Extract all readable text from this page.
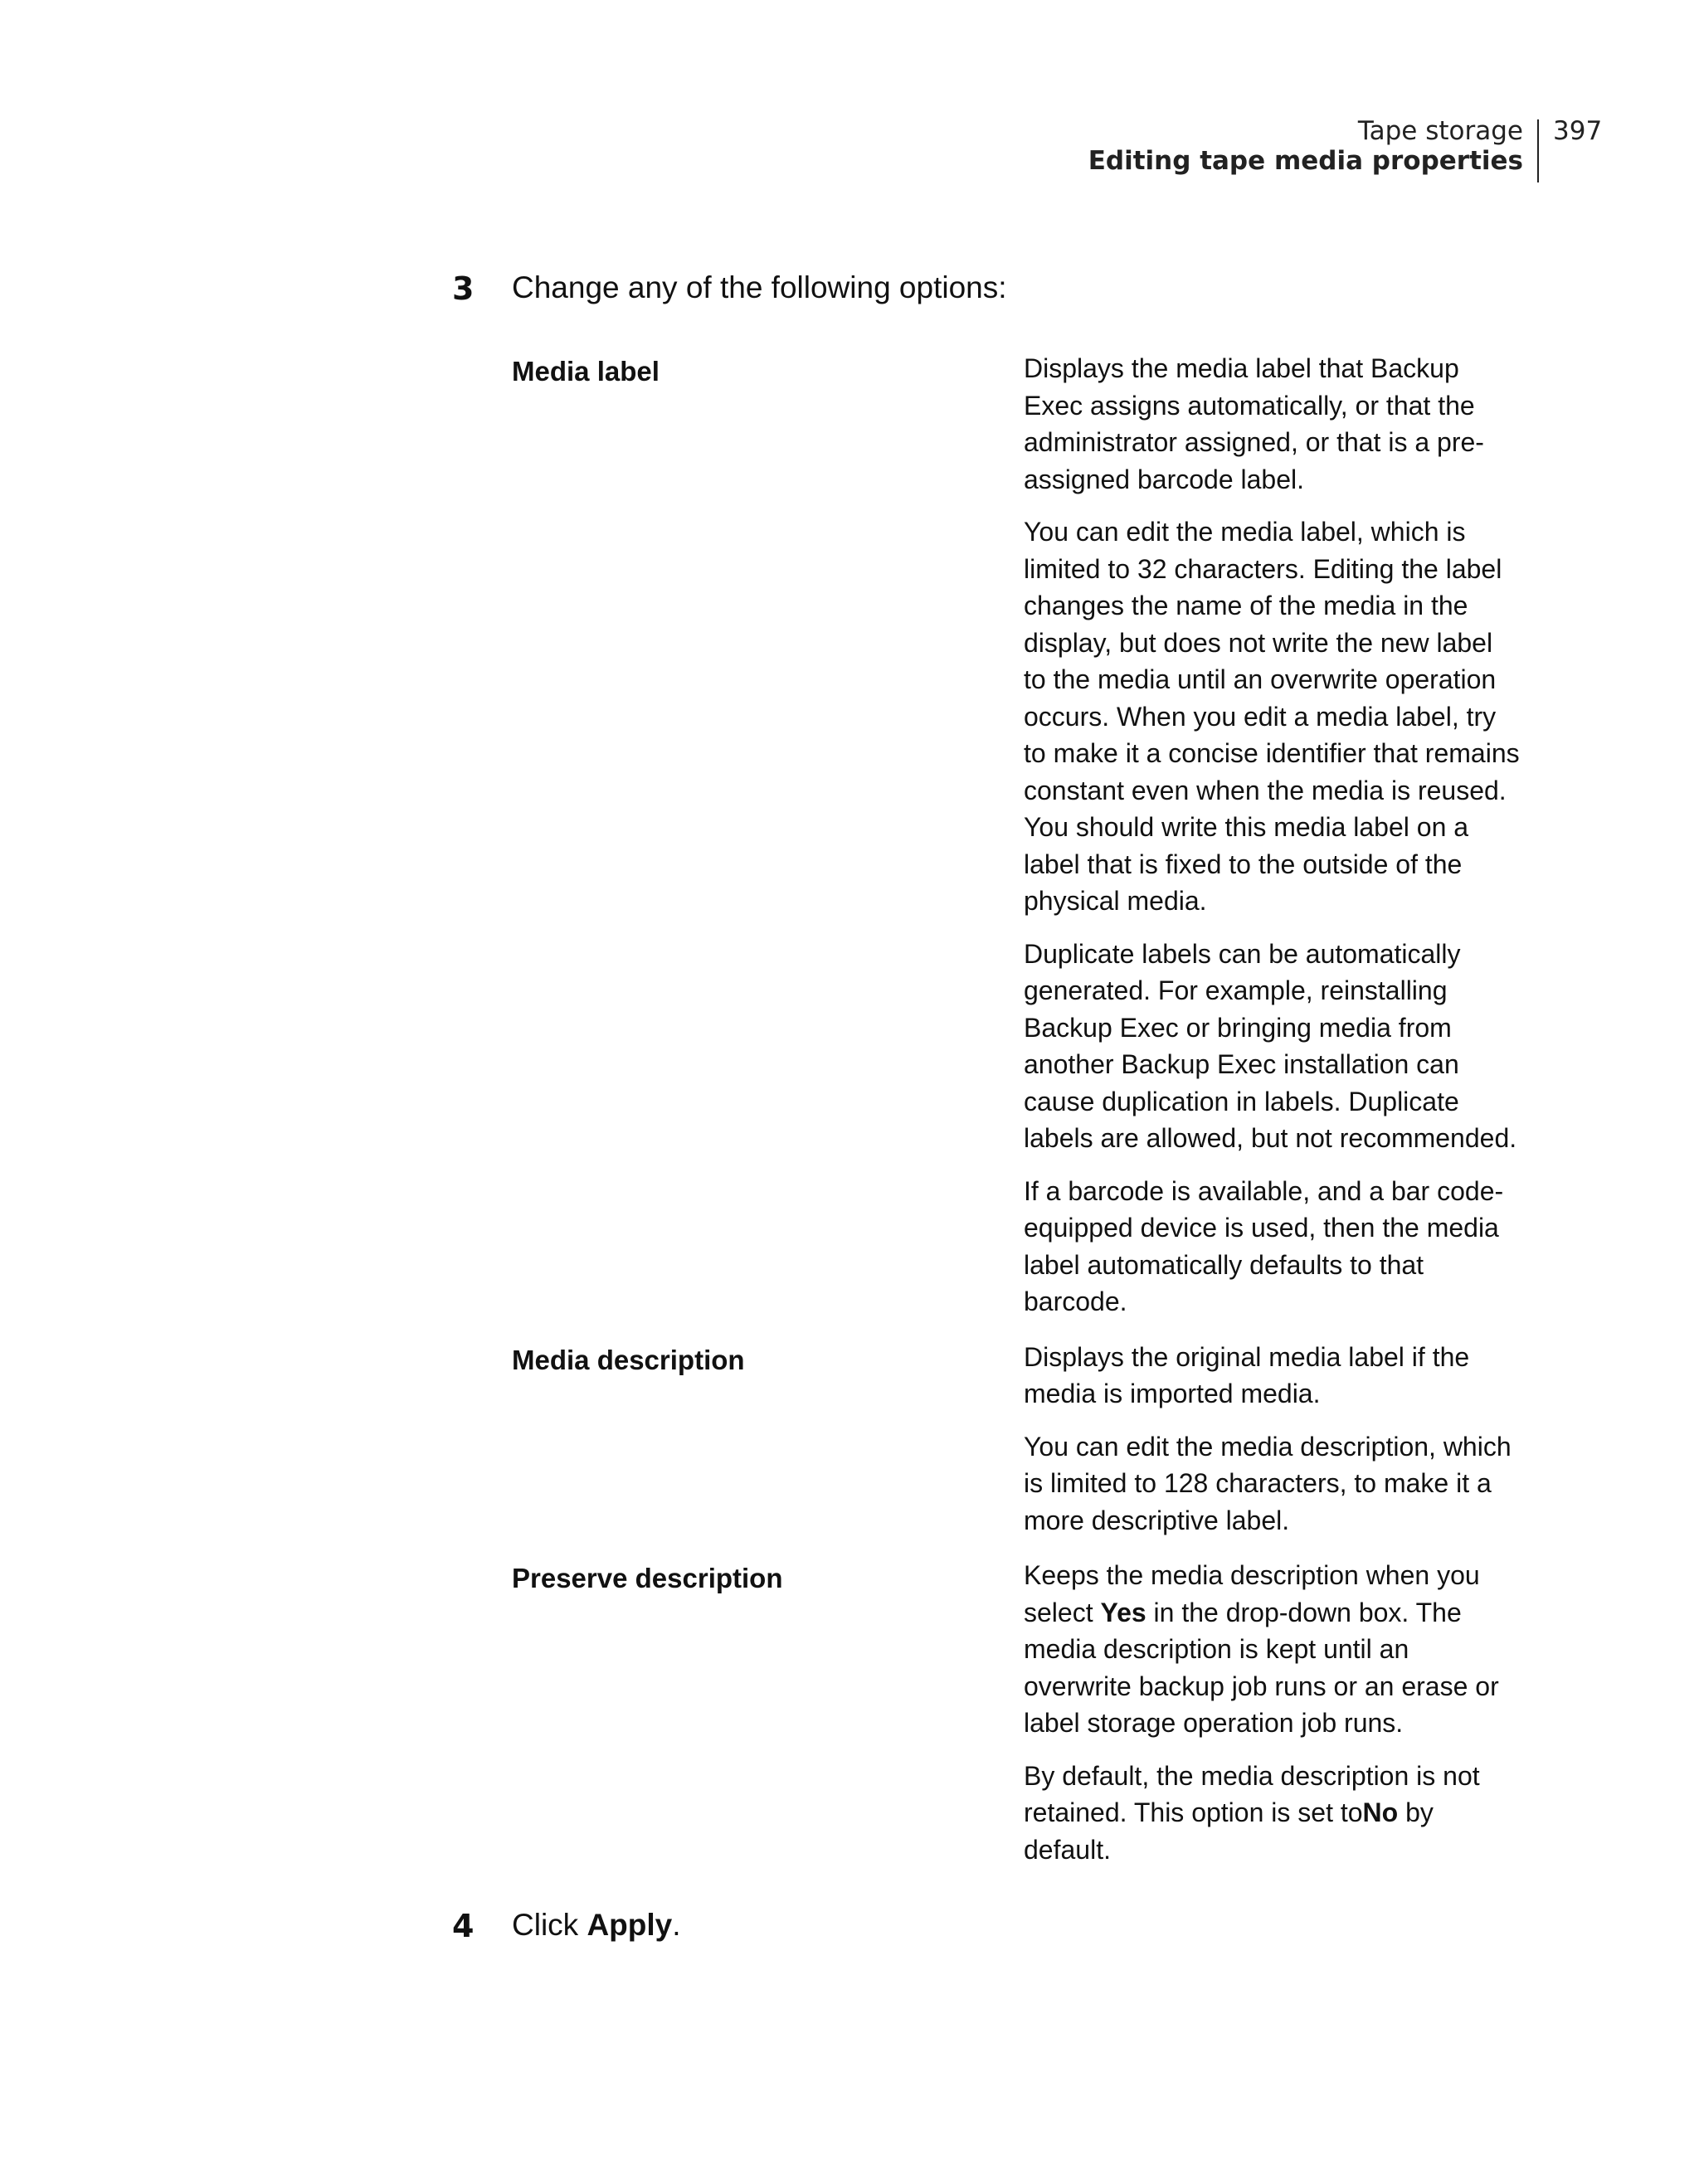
Tape storage
Editing tape media properties
397
3 Change any of the following options:
Media label	Displays the media label that Backup Exec assigns automatically, or that the administrator assigned, or that is a pre-assigned barcode label.

You can edit the media label, which is limited to 32 characters. Editing the label changes the name of the media in the display, but does not write the new label to the media until an overwrite operation occurs. When you edit a media label, try to make it a concise identifier that remains constant even when the media is reused. You should write this media label on a label that is fixed to the outside of the physical media.

Duplicate labels can be automatically generated. For example, reinstalling Backup Exec or bringing media from another Backup Exec installation can cause duplication in labels. Duplicate labels are allowed, but not recommended.

If a barcode is available, and a bar code-equipped device is used, then the media label automatically defaults to that barcode.

Media description	Displays the original media label if the media is imported media.

You can edit the media description, which is limited to 128 characters, to make it a more descriptive label.

Preserve description	Keeps the media description when you select Yes in the drop-down box. The media description is kept until an overwrite backup job runs or an erase or label storage operation job runs.

By default, the media description is not retained. This option is set toNo by default.

4 Click Apply.
